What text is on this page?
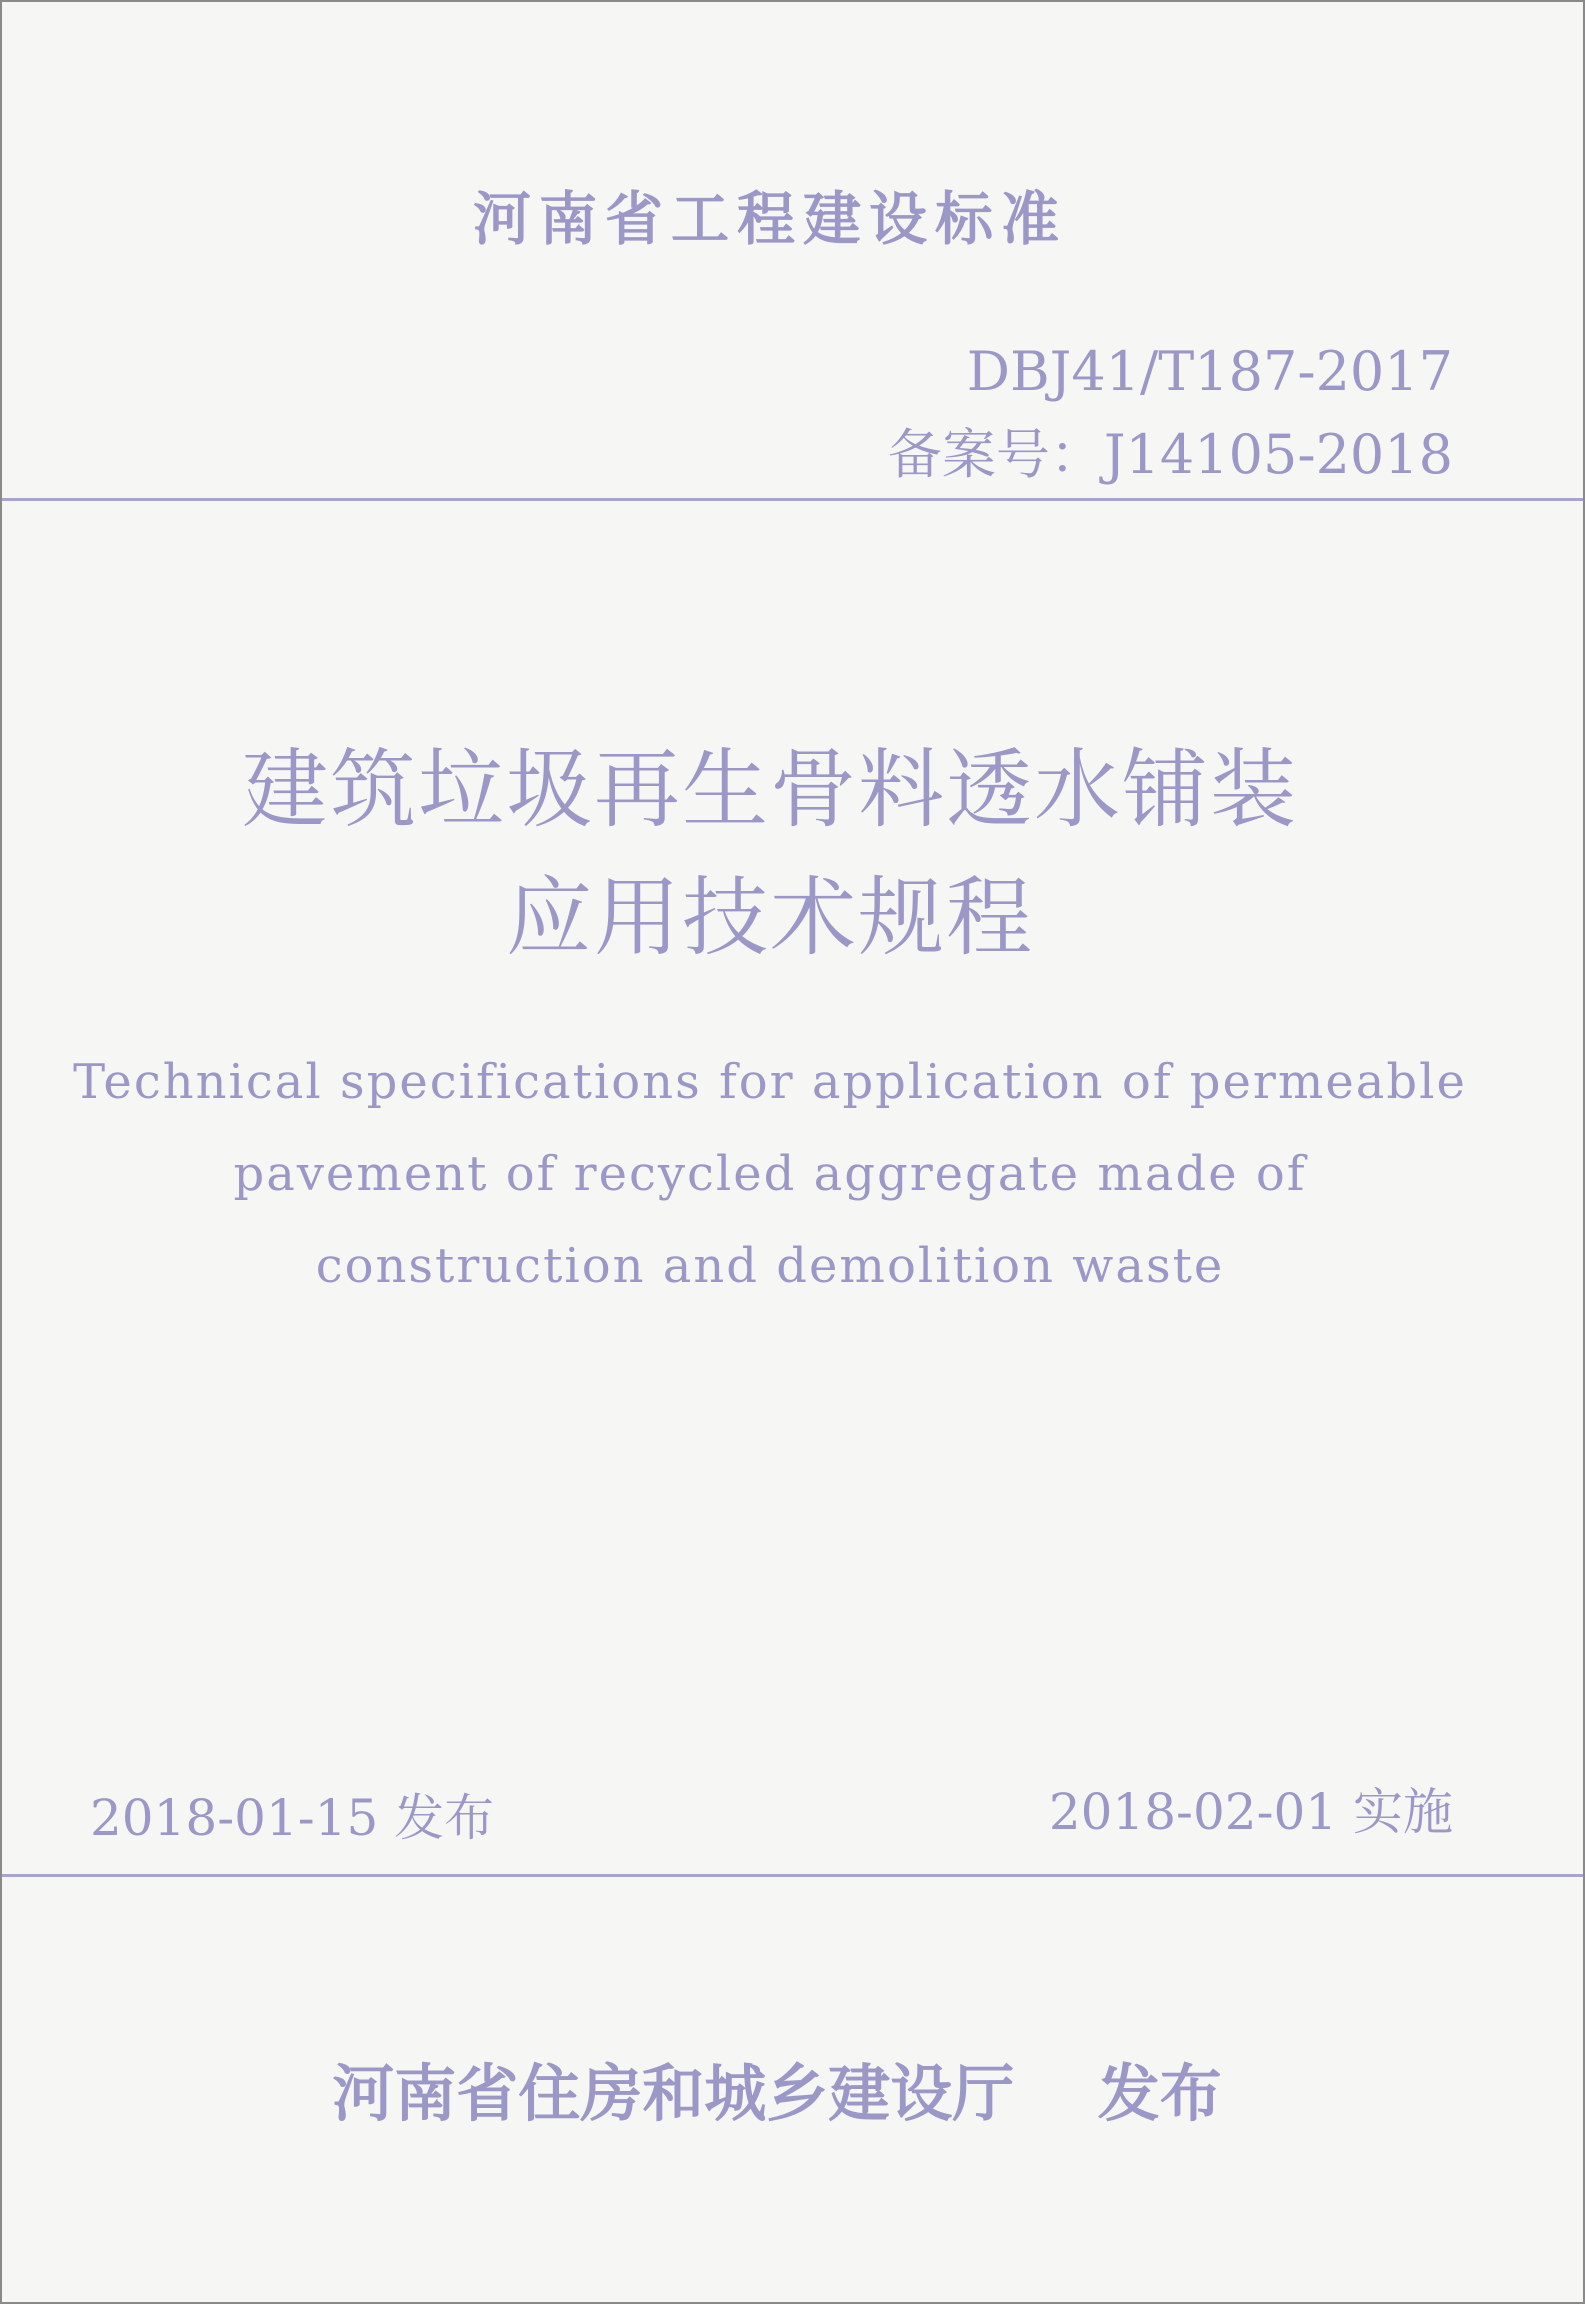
河南省工程建设标准
DBJ41/T187-2017
备案号：J14105-2018
建筑垃圾再生骨料透水铺装
应用技术规程
Technical specifications for application of permeable
pavement of recycled aggregate made of
construction and demolition waste
2018-01-15 发布	2018-02-01 实施
河南省住房和城乡建设厅　 发布
